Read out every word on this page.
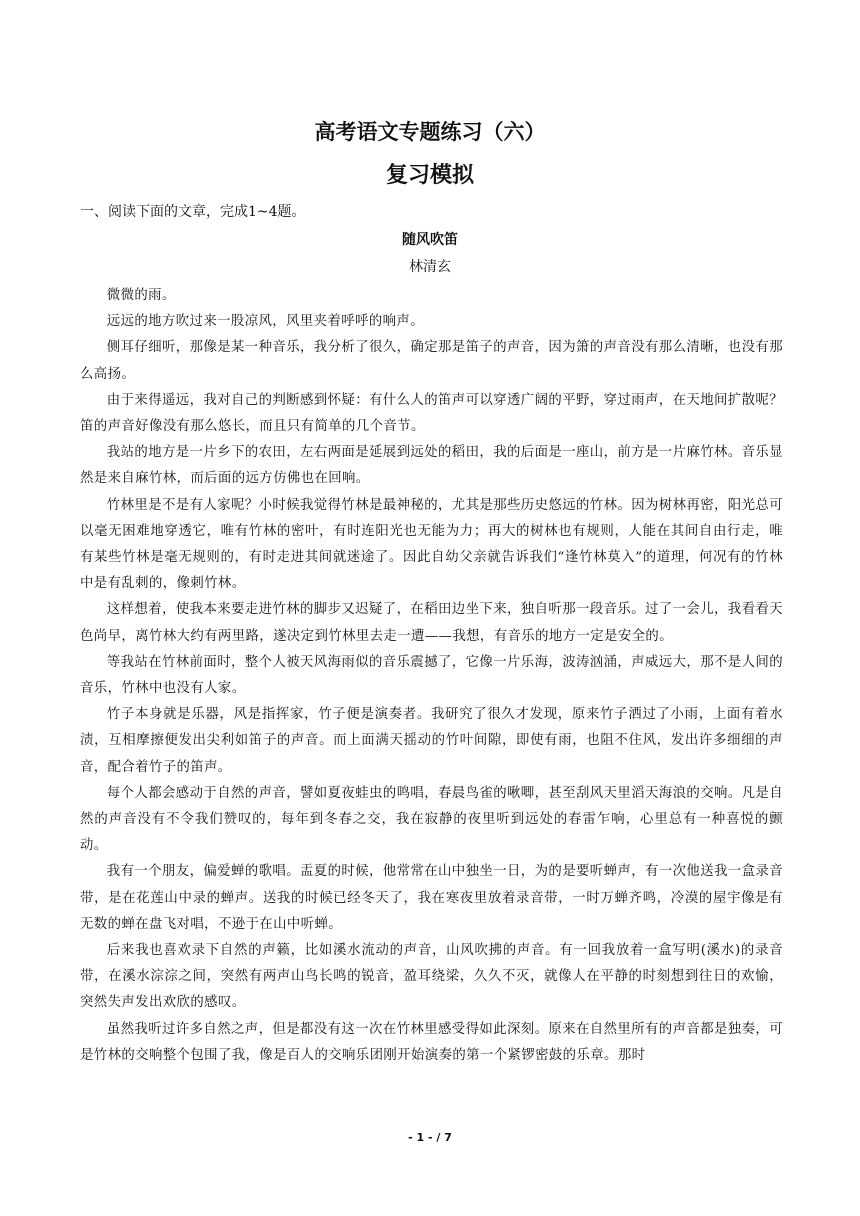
高考语文专题练习（六）
复习模拟

一、阅读下面的文章，完成1~4题。

随风吹笛

林清玄

微微的雨。

远远的地方吹过来一股凉风，风里夹着呼呼的响声。

侧耳仔细听，那像是某一种音乐，我分析了很久，确定那是笛子的声音，因为箫的声音没有那么清晰，也没有那么高扬。

由于来得遥远，我对自己的判断感到怀疑：有什么人的笛声可以穿透广阔的平野，穿过雨声，在天地间扩散呢？笛的声音好像没有那么悠长，而且只有简单的几个音节。

我站的地方是一片乡下的农田，左右两面是延展到远处的稻田，我的后面是一座山，前方是一片麻竹林。音乐显然是来自麻竹林，而后面的远方仿佛也在回响。

竹林里是不是有人家呢？小时候我觉得竹林是最神秘的，尤其是那些历史悠远的竹林。因为树林再密，阳光总可以毫无困难地穿透它，唯有竹林的密叶，有时连阳光也无能为力；再大的树林也有规则，人能在其间自由行走，唯有某些竹林是毫无规则的，有时走进其间就迷途了。因此自幼父亲就告诉我们“逢竹林莫入”的道理，何况有的竹林中是有乱刺的，像刺竹林。

这样想着，使我本来要走进竹林的脚步又迟疑了，在稻田边坐下来，独自听那一段音乐。过了一会儿，我看看天色尚早，离竹林大约有两里路，遂决定到竹林里去走一遭——我想，有音乐的地方一定是安全的。

等我站在竹林前面时，整个人被天风海雨似的音乐震撼了，它像一片乐海，波涛汹涌，声威远大，那不是人间的音乐，竹林中也没有人家。

竹子本身就是乐器，风是指挥家，竹子便是演奏者。我研究了很久才发现，原来竹子洒过了小雨，上面有着水渍，互相摩擦便发出尖利如笛子的声音。而上面满天摇动的竹叶间隙，即使有雨，也阻不住风，发出许多细细的声音，配合着竹子的笛声。

每个人都会感动于自然的声音，譬如夏夜蛙虫的鸣唱，春晨鸟雀的啾唧，甚至刮风天里滔天海浪的交响。凡是自然的声音没有不令我们赞叹的，每年到冬春之交，我在寂静的夜里听到远处的春雷乍响，心里总有一种喜悦的颤动。

我有一个朋友，偏爱蝉的歌唱。盂夏的时候，他常常在山中独坐一日，为的是要听蝉声，有一次他送我一盒录音带，是在花莲山中录的蝉声。送我的时候已经冬天了，我在寒夜里放着录音带，一时万蝉齐鸣，冷漠的屋宇像是有无数的蝉在盘飞对唱，不逊于在山中听蝉。

后来我也喜欢录下自然的声籁，比如溪水流动的声音，山风吹拂的声音。有一回我放着一盒写明(溪水)的录音带，在溪水淙淙之间，突然有两声山鸟长鸣的锐音，盈耳绕梁，久久不灭，就像人在平静的时刻想到往日的欢愉，突然失声发出欢欣的感叹。

虽然我听过许多自然之声，但是都没有这一次在竹林里感受得如此深刻。原来在自然里所有的声音都是独奏，可是竹林的交响整个包围了我，像是百人的交响乐团刚开始演奏的第一个紧锣密鼓的乐章。那时

- 1 - / 7
